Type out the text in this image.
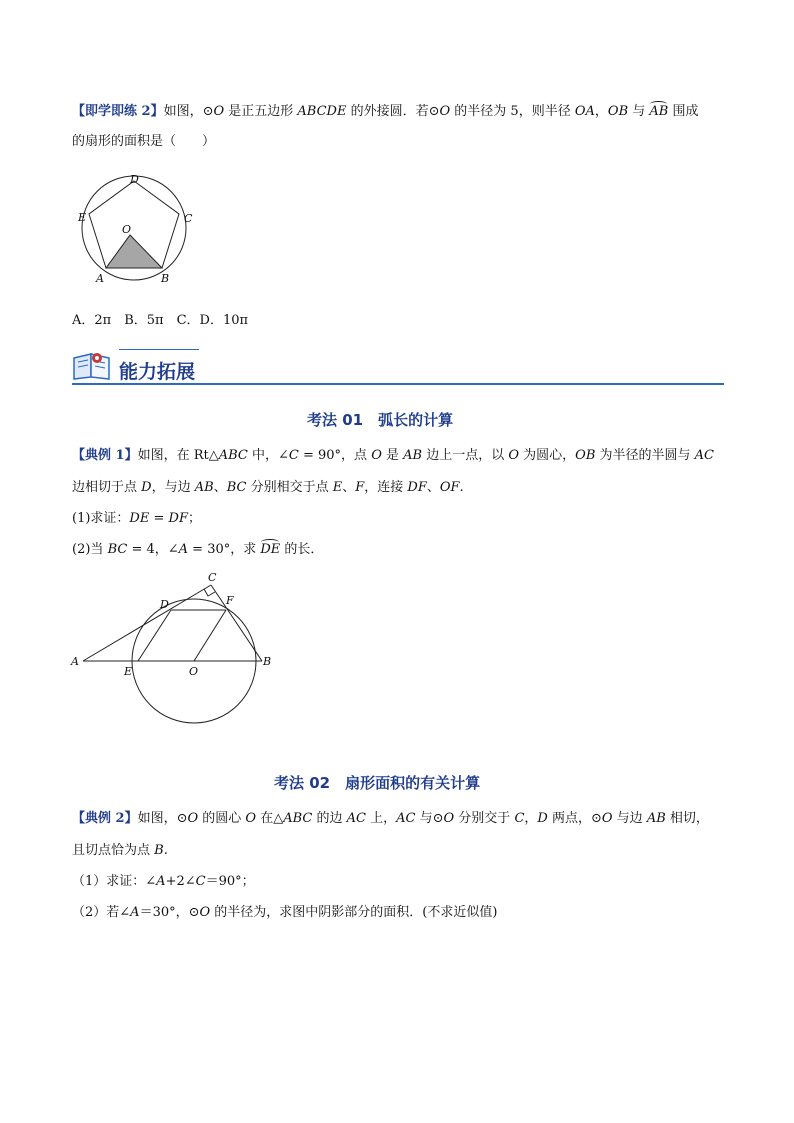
【即学即练 2】如图，⊙O 是正五边形 ABCDE 的外接圆．若⊙O 的半径为 5，则半径 OA，OB 与 AB 围成
的扇形的面积是（　　）
O
A	B
C
D
E
A．2π　B．5π　C．D．10π
能力拓展
考法 01　弧长的计算
【典例 1】如图，在 Rt△ABC 中，∠C = 90°，点 O 是 AB 边上一点，以 O 为圆心，OB 为半径的半圆与 AC
边相切于点 D，与边 AB、BC 分别相交于点 E、F，连接 DF、OF.
(1)求证：DE = DF；
(2)当 BC = 4，∠A = 30°，求 DE 的长．
A
E	O
B
D	F
C
考法 02　扇形面积的有关计算
【典例 2】如图，⊙O 的圆心 O 在△ABC 的边 AC 上，AC 与⊙O 分别交于 C，D 两点，⊙O 与边 AB 相切，
且切点恰为点 B.
（1）求证：∠A+2∠C＝90°；
（2）若∠A＝30°，⊙O 的半径为，求图中阴影部分的面积．(不求近似值)
